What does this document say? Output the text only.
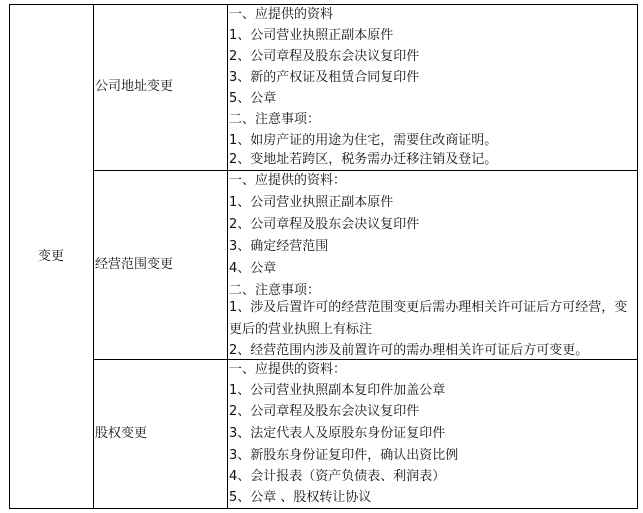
变更
公司地址变更
经营范围变更
股权变更
一、应提供的资料
1、公司营业执照正副本原件
2、公司章程及股东会决议复印件
3、新的产权证及租赁合同复印件
5、公章
二、注意事项：
1、如房产证的用途为住宅，需要住改商证明。
2、变地址若跨区，税务需办迁移注销及登记。
一、应提供的资料：
1、公司营业执照正副本原件
2、公司章程及股东会决议复印件
3、确定经营范围
4、公章
二、注意事项：
1、涉及后置许可的经营范围变更后需办理相关许可证后方可经营，变更后的营业执照上有标注
2、经营范围内涉及前置许可的需办理相关许可证后方可变更。
一、应提供的资料：
1、公司营业执照副本复印件加盖公章
2、公司章程及股东会决议复印件
3、法定代表人及原股东身份证复印件
3、新股东身份证复印件，确认出资比例
4、会计报表（资产负债表、利润表）
5、公章 、股权转让协议
